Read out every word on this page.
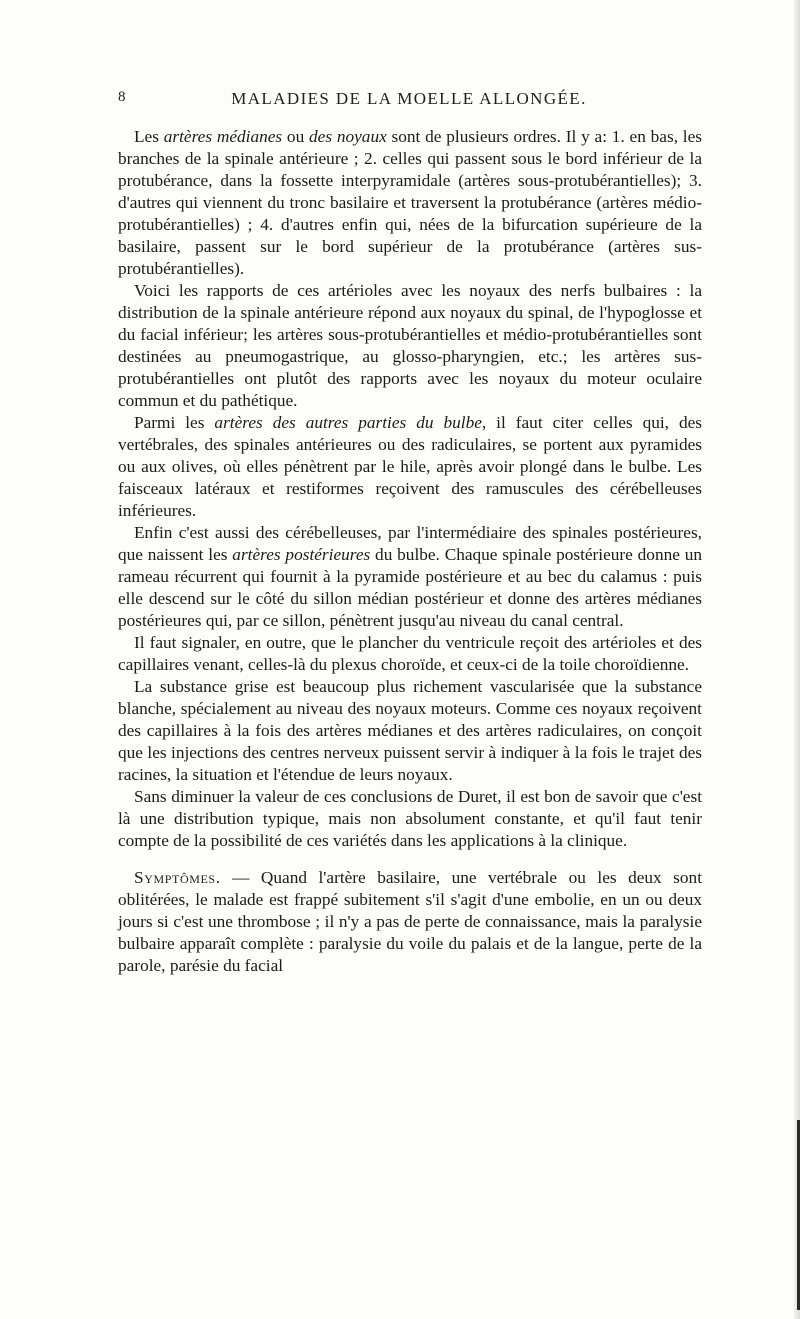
8	MALADIES DE LA MOELLE ALLONGÉE.

Les artères médianes ou des noyaux sont de plusieurs ordres. Il y a: 1. en bas, les branches de la spinale antérieure ; 2. celles qui passent sous le bord inférieur de la protubérance, dans la fossette interpyramidale (artères sous-protubérantielles); 3. d'autres qui viennent du tronc basilaire et traversent la protubérance (artères médio-protubérantielles) ; 4. d'autres enfin qui, nées de la bifurcation supérieure de la basilaire, passent sur le bord supérieur de la protubérance (artères sus-protubérantielles).

Voici les rapports de ces artérioles avec les noyaux des nerfs bulbaires : la distribution de la spinale antérieure répond aux noyaux du spinal, de l'hypoglosse et du facial inférieur; les artères sous-protubérantielles et médio-protubérantielles sont destinées au pneumogastrique, au glosso-pharyngien, etc.; les artères sus-protubérantielles ont plutôt des rapports avec les noyaux du moteur oculaire commun et du pathétique.

Parmi les artères des autres parties du bulbe, il faut citer celles qui, des vertébrales, des spinales antérieures ou des radiculaires, se portent aux pyramides ou aux olives, où elles pénètrent par le hile, après avoir plongé dans le bulbe. Les faisceaux latéraux et restiformes reçoivent des ramuscules des cérébelleuses inférieures.

Enfin c'est aussi des cérébelleuses, par l'intermédiaire des spinales postérieures, que naissent les artères postérieures du bulbe. Chaque spinale postérieure donne un rameau récurrent qui fournit à la pyramide postérieure et au bec du calamus : puis elle descend sur le côté du sillon médian postérieur et donne des artères médianes postérieures qui, par ce sillon, pénètrent jusqu'au niveau du canal central.

Il faut signaler, en outre, que le plancher du ventricule reçoit des artérioles et des capillaires venant, celles-là du plexus choroïde, et ceux-ci de la toile choroïdienne.

La substance grise est beaucoup plus richement vascularisée que la substance blanche, spécialement au niveau des noyaux moteurs. Comme ces noyaux reçoivent des capillaires à la fois des artères médianes et des artères radiculaires, on conçoit que les injections des centres nerveux puissent servir à indiquer à la fois le trajet des racines, la situation et l'étendue de leurs noyaux.

Sans diminuer la valeur de ces conclusions de Duret, il est bon de savoir que c'est là une distribution typique, mais non absolument constante, et qu'il faut tenir compte de la possibilité de ces variétés dans les applications à la clinique.

Symptômes. — Quand l'artère basilaire, une vertébrale ou les deux sont oblitérées, le malade est frappé subitement s'il s'agit d'une embolie, en un ou deux jours si c'est une thrombose ; il n'y a pas de perte de connaissance, mais la paralysie bulbaire apparaît complète : paralysie du voile du palais et de la langue, perte de la parole, parésie du facial
